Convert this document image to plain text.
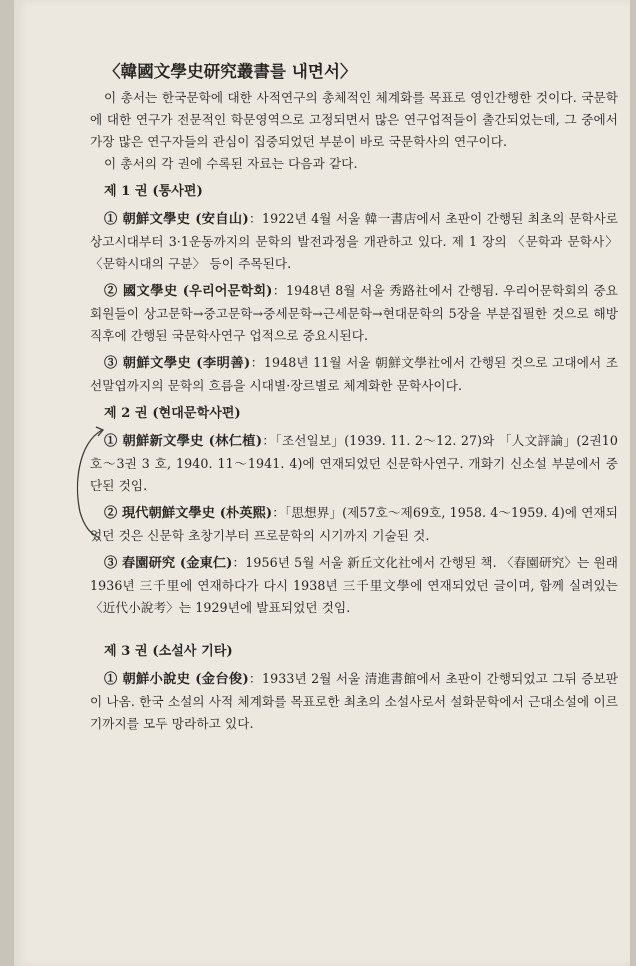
〈韓國文學史研究叢書를 내면서〉

이 총서는 한국문학에 대한 사적연구의 총체적인 체계화를 목표로 영인간행한 것이다. 국문학에 대한 연구가 전문적인 학문영역으로 고정되면서 많은 연구업적들이 출간되었는데, 그 중에서 가장 많은 연구자들의 관심이 집중되었던 부분이 바로 국문학사의 연구이다.

이 총서의 각 권에 수록된 자료는 다음과 같다.

제 1 권 (통사편)

① 朝鮮文學史 (安自山)：1922년 4월 서울 韓一書店에서 초판이 간행된 최초의 문학사로 상고시대부터 3·1운동까지의 문학의 발전과정을 개관하고 있다. 제 1 장의 〈문학과 문학사〉 〈문학시대의 구분〉 등이 주목된다.

② 國文學史 (우리어문학회)：1948년 8월 서울 秀路社에서 간행됨. 우리어문학회의 중요회원들이 상고문학→중고문학→중세문학→근세문학→현대문학의 5장을 부분집필한 것으로 해방직후에 간행된 국문학사연구 업적으로 중요시된다.

③ 朝鮮文學史 (李明善)：1948년 11월 서울 朝鮮文學社에서 간행된 것으로 고대에서 조선말엽까지의 문학의 흐름을 시대별·장르별로 체계화한 문학사이다.

제 2 권 (현대문학사편)

① 朝鮮新文學史 (林仁植)：「조선일보」(1939. 11. 2～12. 27)와 「人文評論」(2권10호～3권 3 호, 1940. 11～1941. 4)에 연재되었던 신문학사연구. 개화기 신소설 부분에서 중단된 것임.

② 現代朝鮮文學史 (朴英熙)：「思想界」(제57호～제69호, 1958. 4～1959. 4)에 연재되었던 것은 신문학 초창기부터 프로문학의 시기까지 기술된 것.

③ 春園研究 (金東仁)：1956년 5월 서울 新丘文化社에서 간행된 책. 〈春園研究〉는 원래 1936년 三千里에 연재하다가 다시 1938년 三千里文學에 연재되었던 글이며, 함께 실려있는 〈近代小說考〉는 1929년에 발표되었던 것임.

제 3 권 (소설사 기타)

① 朝鮮小說史 (金台俊)：1933년 2월 서울 清進書館에서 초판이 간행되었고 그뒤 증보판이 나옴. 한국 소설의 사적 체계화를 목표로한 최초의 소설사로서 설화문학에서 근대소설에 이르기까지를 모두 망라하고 있다.
